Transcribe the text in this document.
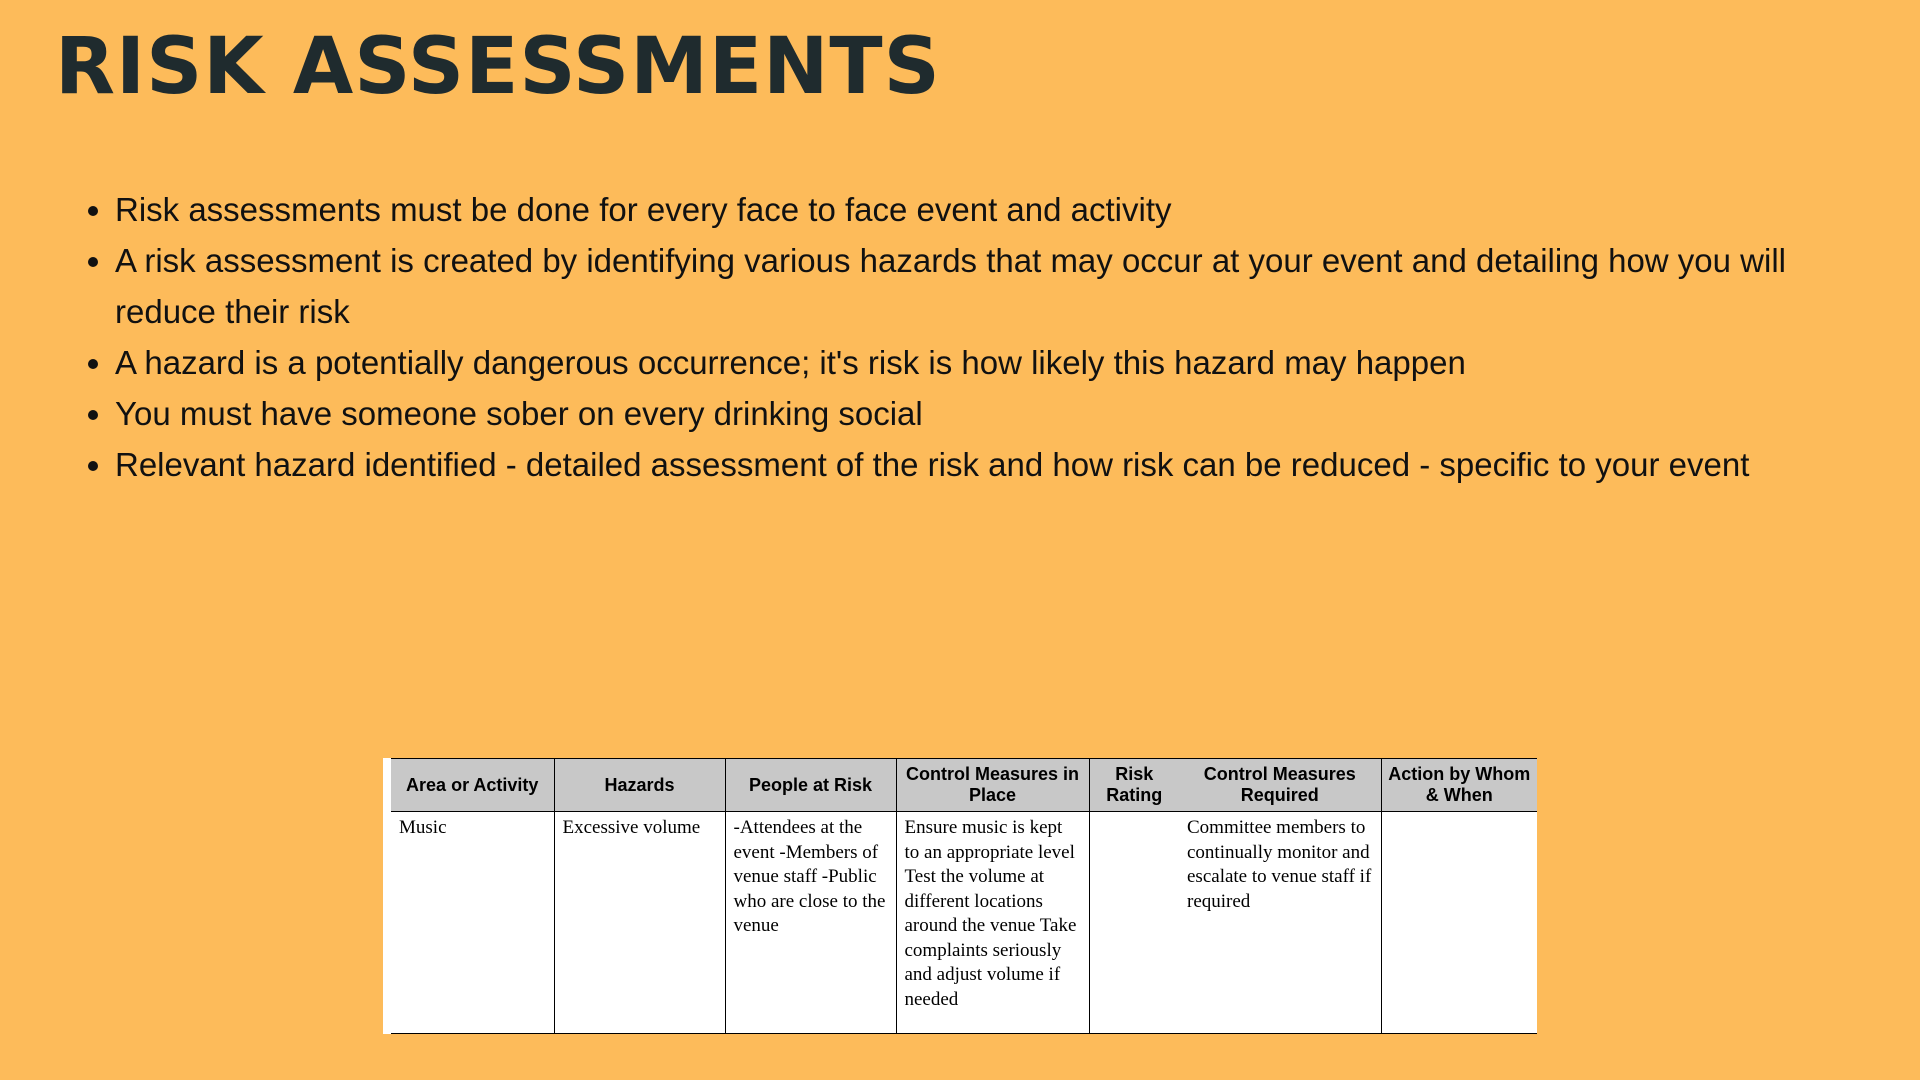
RISK ASSESSMENTS
• Risk assessments must be done for every face to face event and activity
• A risk assessment is created by identifying various hazards that may occur at your event and detailing how you will reduce their risk
• A hazard is a potentially dangerous occurrence; it's risk is how likely this hazard may happen
• You must have someone sober on every drinking social
• Relevant hazard identified - detailed assessment of the risk and how risk can be reduced - specific to your event
Area or Activity	Hazards	People at Risk	Control Measures in Place	Risk Rating	Control Measures Required	Action by Whom & When
Music	Excessive volume	-Attendees at the event -Members of venue staff -Public who are close to the venue	Ensure music is kept to an appropriate level Test the volume at different locations around the venue Take complaints seriously and adjust volume if needed		Committee members to continually monitor and escalate to venue staff if required	
